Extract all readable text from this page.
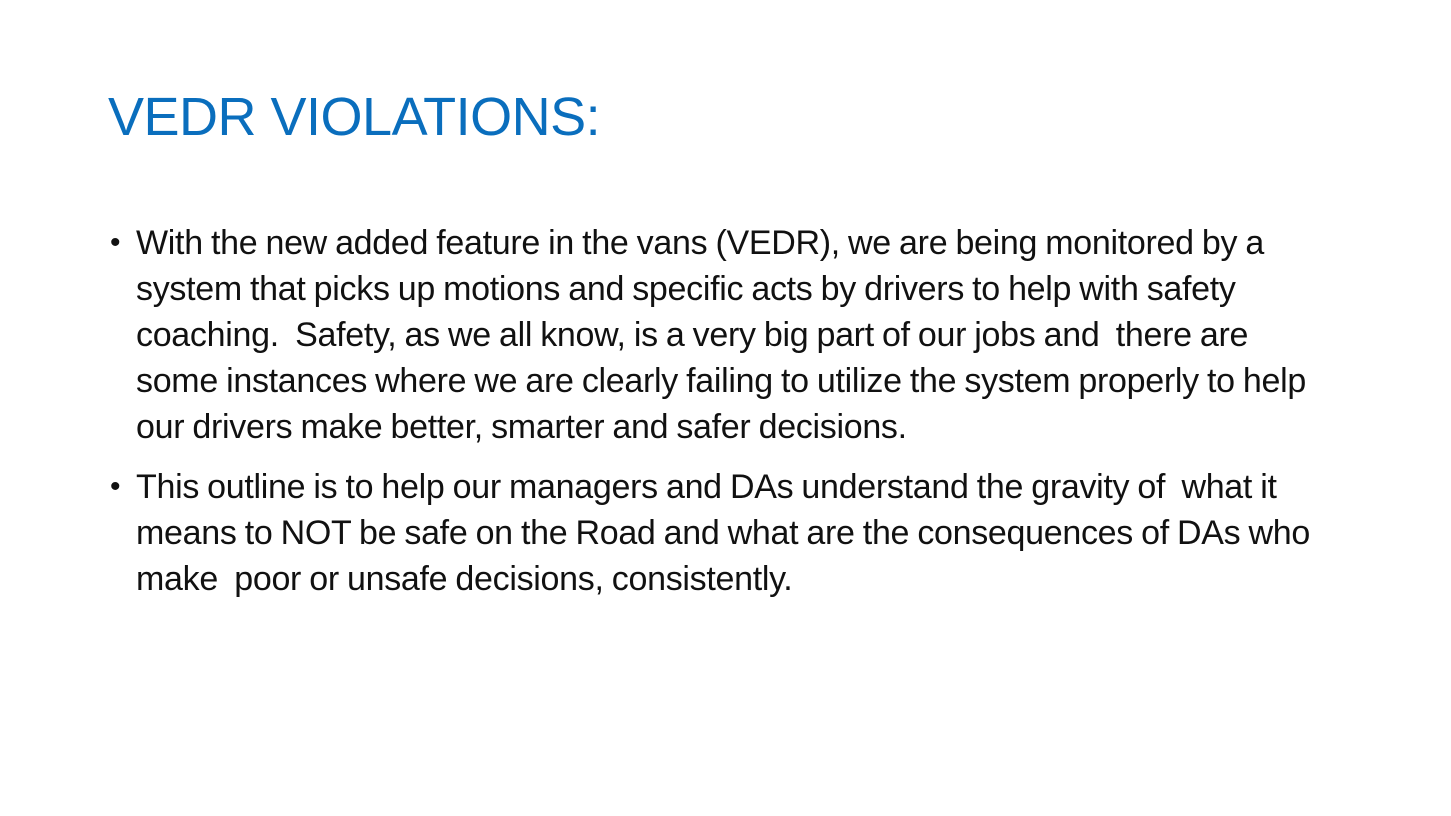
VEDR VIOLATIONS:
• With the new added feature in the vans (VEDR), we are being monitored by a system that picks up motions and specific acts by drivers to help with safety coaching.  Safety, as we all know, is a very big part of our jobs and  there are some instances where we are clearly failing to utilize the system properly to help our drivers make better, smarter and safer decisions.
• This outline is to help our managers and DAs understand the gravity of  what it means to NOT be safe on the Road and what are the consequences of DAs who make  poor or unsafe decisions, consistently.
